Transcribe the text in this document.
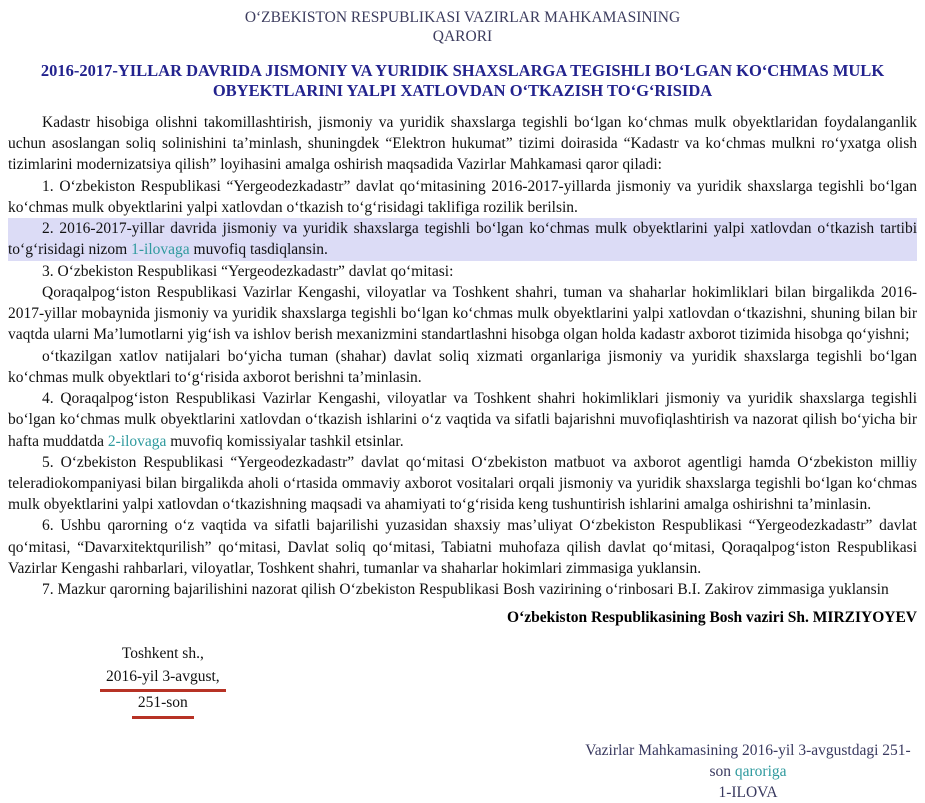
OʻZBEKISTON RESPUBLIKASI VAZIRLAR MAHKAMASINING
QARORI
2016-2017-YILLAR DAVRIDA JISMONIY VA YURIDIK SHAXSLARGA TEGISHLI BOʻLGAN KOʻCHMAS MULK OBYEKTLARINI YALPI XATLOVDAN OʻTKAZISH TOʻGʻRISIDA

Kadastr hisobiga olishni takomillashtirish, jismoniy va yuridik shaxslarga tegishli boʻlgan koʻchmas mulk obyektlaridan foydalanganlik uchun asoslangan soliq solinishini taʼminlash, shuningdek “Elektron hukumat” tizimi doirasida “Kadastr va koʻchmas mulkni roʻyxatga olish tizimlarini modernizatsiya qilish” loyihasini amalga oshirish maqsadida Vazirlar Mahkamasi qaror qiladi:

1. Oʻzbekiston Respublikasi “Yergeodezkadastr” davlat qoʻmitasining 2016-2017-yillarda jismoniy va yuridik shaxslarga tegishli boʻlgan koʻchmas mulk obyektlarini yalpi xatlovdan oʻtkazish toʻgʻrisidagi taklifiga rozilik berilsin.

2. 2016-2017-yillar davrida jismoniy va yuridik shaxslarga tegishli boʻlgan koʻchmas mulk obyektlarini yalpi xatlovdan oʻtkazish tartibi toʻgʻrisidagi nizom 1-ilovaga muvofiq tasdiqlansin.

3. Oʻzbekiston Respublikasi “Yergeodezkadastr” davlat qoʻmitasi:

Qoraqalpogʻiston Respublikasi Vazirlar Kengashi, viloyatlar va Toshkent shahri, tuman va shaharlar hokimliklari bilan birgalikda 2016-2017-yillar mobaynida jismoniy va yuridik shaxslarga tegishli boʻlgan koʻchmas mulk obyektlarini yalpi xatlovdan oʻtkazishni, shuning bilan bir vaqtda ularni Maʼlumotlarni yigʻish va ishlov berish mexanizmini standartlashni hisobga olgan holda kadastr axborot tizimida hisobga qoʻyishni;

oʻtkazilgan xatlov natijalari boʻyicha tuman (shahar) davlat soliq xizmati organlariga jismoniy va yuridik shaxslarga tegishli boʻlgan koʻchmas mulk obyektlari toʻgʻrisida axborot berishni taʼminlasin.

4. Qoraqalpogʻiston Respublikasi Vazirlar Kengashi, viloyatlar va Toshkent shahri hokimliklari jismoniy va yuridik shaxslarga tegishli boʻlgan koʻchmas mulk obyektlarini xatlovdan oʻtkazish ishlarini oʻz vaqtida va sifatli bajarishni muvofiqlashtirish va nazorat qilish boʻyicha bir hafta muddatda 2-ilovaga muvofiq komissiyalar tashkil etsinlar.

5. Oʻzbekiston Respublikasi “Yergeodezkadastr” davlat qoʻmitasi Oʻzbekiston matbuot va axborot agentligi hamda Oʻzbekiston milliy teleradiokompaniyasi bilan birgalikda aholi oʻrtasida ommaviy axborot vositalari orqali jismoniy va yuridik shaxslarga tegishli boʻlgan koʻchmas mulk obyektlarini yalpi xatlovdan oʻtkazishning maqsadi va ahamiyati toʻgʻrisida keng tushuntirish ishlarini amalga oshirishni taʼminlasin.

6. Ushbu qarorning oʻz vaqtida va sifatli bajarilishi yuzasidan shaxsiy masʼuliyat Oʻzbekiston Respublikasi “Yergeodezkadastr” davlat qoʻmitasi, “Davarxitektqurilish” qoʻmitasi, Davlat soliq qoʻmitasi, Tabiatni muhofaza qilish davlat qoʻmitasi, Qoraqalpogʻiston Respublikasi Vazirlar Kengashi rahbarlari, viloyatlar, Toshkent shahri, tumanlar va shaharlar hokimlari zimmasiga yuklansin.

7. Mazkur qarorning bajarilishini nazorat qilish Oʻzbekiston Respublikasi Bosh vazirining oʻrinbosari B.I. Zakirov zimmasiga yuklansin

Oʻzbekiston Respublikasining Bosh vaziri Sh. MIRZIYOYEV

Toshkent sh.,
2016-yil 3-avgust,
251-son
Vazirlar Mahkamasining 2016-yil 3-avgustdagi 251-son qaroriga
1-ILOVA
